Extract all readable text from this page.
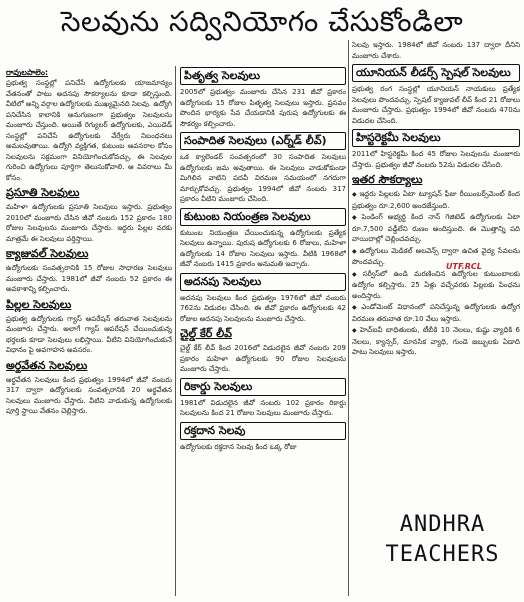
సెలవును సద్వినియోగం చేసుకోండిలా
రావులపాలెం:
ప్రభుత్వ సంస్థల్లో పనిచేసే ఉద్యోగులకు యాజమాన్యం వేతనంతో పాటు అదనపు సౌకర్యాలను కూడా కల్పిస్తుంది. వీటిలో అన్ని వర్గాల ఉద్యోగులకు ముఖ్యమైనది సెలవు. ఉద్యోగి పనిచేసిన కాలానికి అనుగుణంగా ప్రభుత్వం సెలవులను మంజూరు చేస్తుంది. అయితే రెగ్యులర్ ఉద్యోగులకు, ఎయిడెడ్ సంస్థల్లో పనిచేసే ఉద్యోగులకు వేర్వేరు నిబంధనలు అమలవుతాయి. ఉద్యోగి వ్యక్తిగత, కుటుంబ అవసరాల కోసం సెలవులను సక్రమంగా వినియోగించుకోవచ్చు. ఈ సెలవుల గురించి ఉద్యోగులు పూర్తిగా తెలుసుకోవాలి. ఆ వివరాలు మీ కోసం.
ప్రసూతి సెలవులు
మహిళా ఉద్యోగులకు ప్రసూతి సెలవులు ఇస్తారు. ప్రభుత్వం 2010లో మంజూరు చేసిన జీవో నంబరు 152 ప్రకారం 180 రోజుల సెలవులను మంజూరు చేస్తారు. ఇద్దరు పిల్లల వరకు మాత్రమే ఈ సెలవులు వర్తిస్తాయి.
క్యాజువల్ సెలవులు
ఉద్యోగులకు సంవత్సరానికి 15 రోజుల సాధారణ సెలవులు మంజూరు చేస్తారు. 1981లో జీవో నంబరు 52 ప్రకారం ఈ అవకాశాన్ని కల్పించారు.
పిల్లల సెలవులు
ప్రభుత్వ ఉద్యోగులకు గ్యాస్ ఆపరేషన్ తరువాత సెలవులను మంజూరు చేస్తారు. అలాగే గ్యాస్ ఆపరేషన్ చేయించుకున్న భర్తలకు కూడా సెలవులు లభిస్తాయి. వీటిని వినియోగించుకునే విధానం పై అవగాహన అవసరం.
అర్థవేతన సెలవులు
అర్థవేతన సెలవులు కింద ప్రభుత్వం 1994లో జీవో నంబరు 317 ద్వారా ఉద్యోగులకు సంవత్సరానికి 20 అర్థవేతన సెలవులు మంజూరు చేస్తారు. వీటిని వాడుకున్న ఉద్యోగులకు పూర్తి స్థాయి వేతనం చెల్లిస్తారు.
పితృత్వ సెలవులు
2005లో ప్రభుత్వం మంజూరు చేసిన 231 జీవో ప్రకారం ఉద్యోగులకు 15 రోజుల పితృత్వ సెలవులు ఇస్తారు. ప్రసవం పొందిన భార్యకు సేవ చేయడానికి పురుష ఉద్యోగులకు ఈ సౌకర్యం కల్పించారు.
సంపాదిత సెలవులు (ఎర్న్‌డ్ లీవ్)
ఒక క్యాలెండర్ సంవత్సరంలో 30 సంపాదిత సెలవులు ఉద్యోగులకు జమ అవుతాయి. ఈ సెలవులు వాడుకోకుండా మిగిలిన వాటిని పదవీ విరమణ సమయంలో నగదుగా మార్చుకోవచ్చు. ప్రభుత్వం 1994లో జీవో నంబరు 317 ప్రకారం వీటిని మంజూరు చేసింది.
కుటుంబ నియంత్రణ సెలవులు
కుటుంబ నియంత్రణ చేయించుకున్న ఉద్యోగులకు ప్రత్యేక సెలవులు ఉన్నాయి. పురుష ఉద్యోగులకు 6 రోజులు, మహిళా ఉద్యోగులకు 14 రోజుల సెలవులు ఇస్తారు. వీటికి 1968లో జీవో నంబరు 1415 ప్రకారం అనుమతి ఇచ్చారు.
అదనపు సెలవులు
అదనపు సెలవులు కింద ప్రభుత్వం 1976లో జీవో నంబరు 762ను విడుదల చేసింది. ఈ జీవో ప్రకారం ఉద్యోగులకు 42 రోజుల అదనపు సెలవులను మంజూరు చేస్తారు.
చైల్డ్ కేర్ లీవ్
చైల్డ్ కేర్ లీవ్ కింద 2016లో విడుదలైన జీవో నంబరు 209 ప్రకారం మహిళా ఉద్యోగులకు 90 రోజుల సెలవులను మంజూరు చేస్తారు.
రికార్డు సెలవులు
1981లో విడుదలైన జీవో నంబరు 102 ప్రకారం రికార్డు సెలవులను కింద 21 రోజుల సెలవులు మంజూరు చేస్తారు.
రక్తదాన సెలవు
ఉద్యోగులకు రక్తదాన సెలవు కింద ఒక్క రోజు
సెలవు ఇస్తారు. 1984లో జీవో నంబరు 137 ద్వారా దీనిని మంజూరు చేశారు.
యూనియన్ లీడర్స్ స్పెషల్ సెలవులు
ప్రభుత్వ రంగ సంస్థల్లో యూనియన్ నాయకులు ప్రత్యేక సెలవులు పొందవచ్చు. స్పెషల్ క్యాజువల్ లీవ్ కింద 21 రోజులు మంజూరు చేస్తారు. ప్రభుత్వం 1994లో జీవో నంబరు 470ను విడుదల చేసింది.
హిస్టరెక్టమీ సెలవులు
2011లో హిస్టరెక్టమీ కింద 45 రోజుల సెలవులను మంజూరు చేస్తారు. ప్రభుత్వం జీవో నంబరు 52ను విడుదల చేసింది.
ఇతర సౌకర్యాలు
◆ ఇద్దరు పిల్లలకు ఏటా ట్యూషన్ ఫీజు రీయింబర్స్‌మెంట్ కింద ప్రభుత్వం రూ.2,600 అందజేస్తుంది.
◆ పెండింగ్ అభ్యర్థి కింద నాన్ గెజిటెడ్ ఉద్యోగులకు ఏటా రూ.7,500 వడ్డీలేని రుణం అందిస్తుంది. ఈ మొత్తాన్ని పది వాయిదాల్లో చెల్లించవచ్చు.
◆ ఉద్యోగులు మెడికల్ అలవెన్స్ ద్వారా ఉచిత వైద్య సేవలను పొందవచ్చు.
◆ సర్వీస్‌లో ఉండి మరణించిన ఉద్యోగుల కుటుంబాలకు ఉద్యోగం కల్పిస్తారు. 25 ఏళ్లు వచ్చేవరకు పిల్లలకు పింఛను అందిస్తారు.
◆ ఎండోమెంట్ విధానంలో పనిచేస్తున్న ఉద్యోగులకు ఉద్యోగ విరమణ తరువాత రూ.10 వేలు ఇస్తారు.
◆ హెచ్ఐవీ బాధితులకు, టీబీకి 10 నెలలు, కుష్టు వ్యాధికి 6 నెలలు, క్యాన్సర్, మానసిక వ్యాధి, గుండె జబ్బులకు ఏడాది పాటు సెలవులు ఇస్తారు.
UTF.RCL
ANDHRA
TEACHERS
